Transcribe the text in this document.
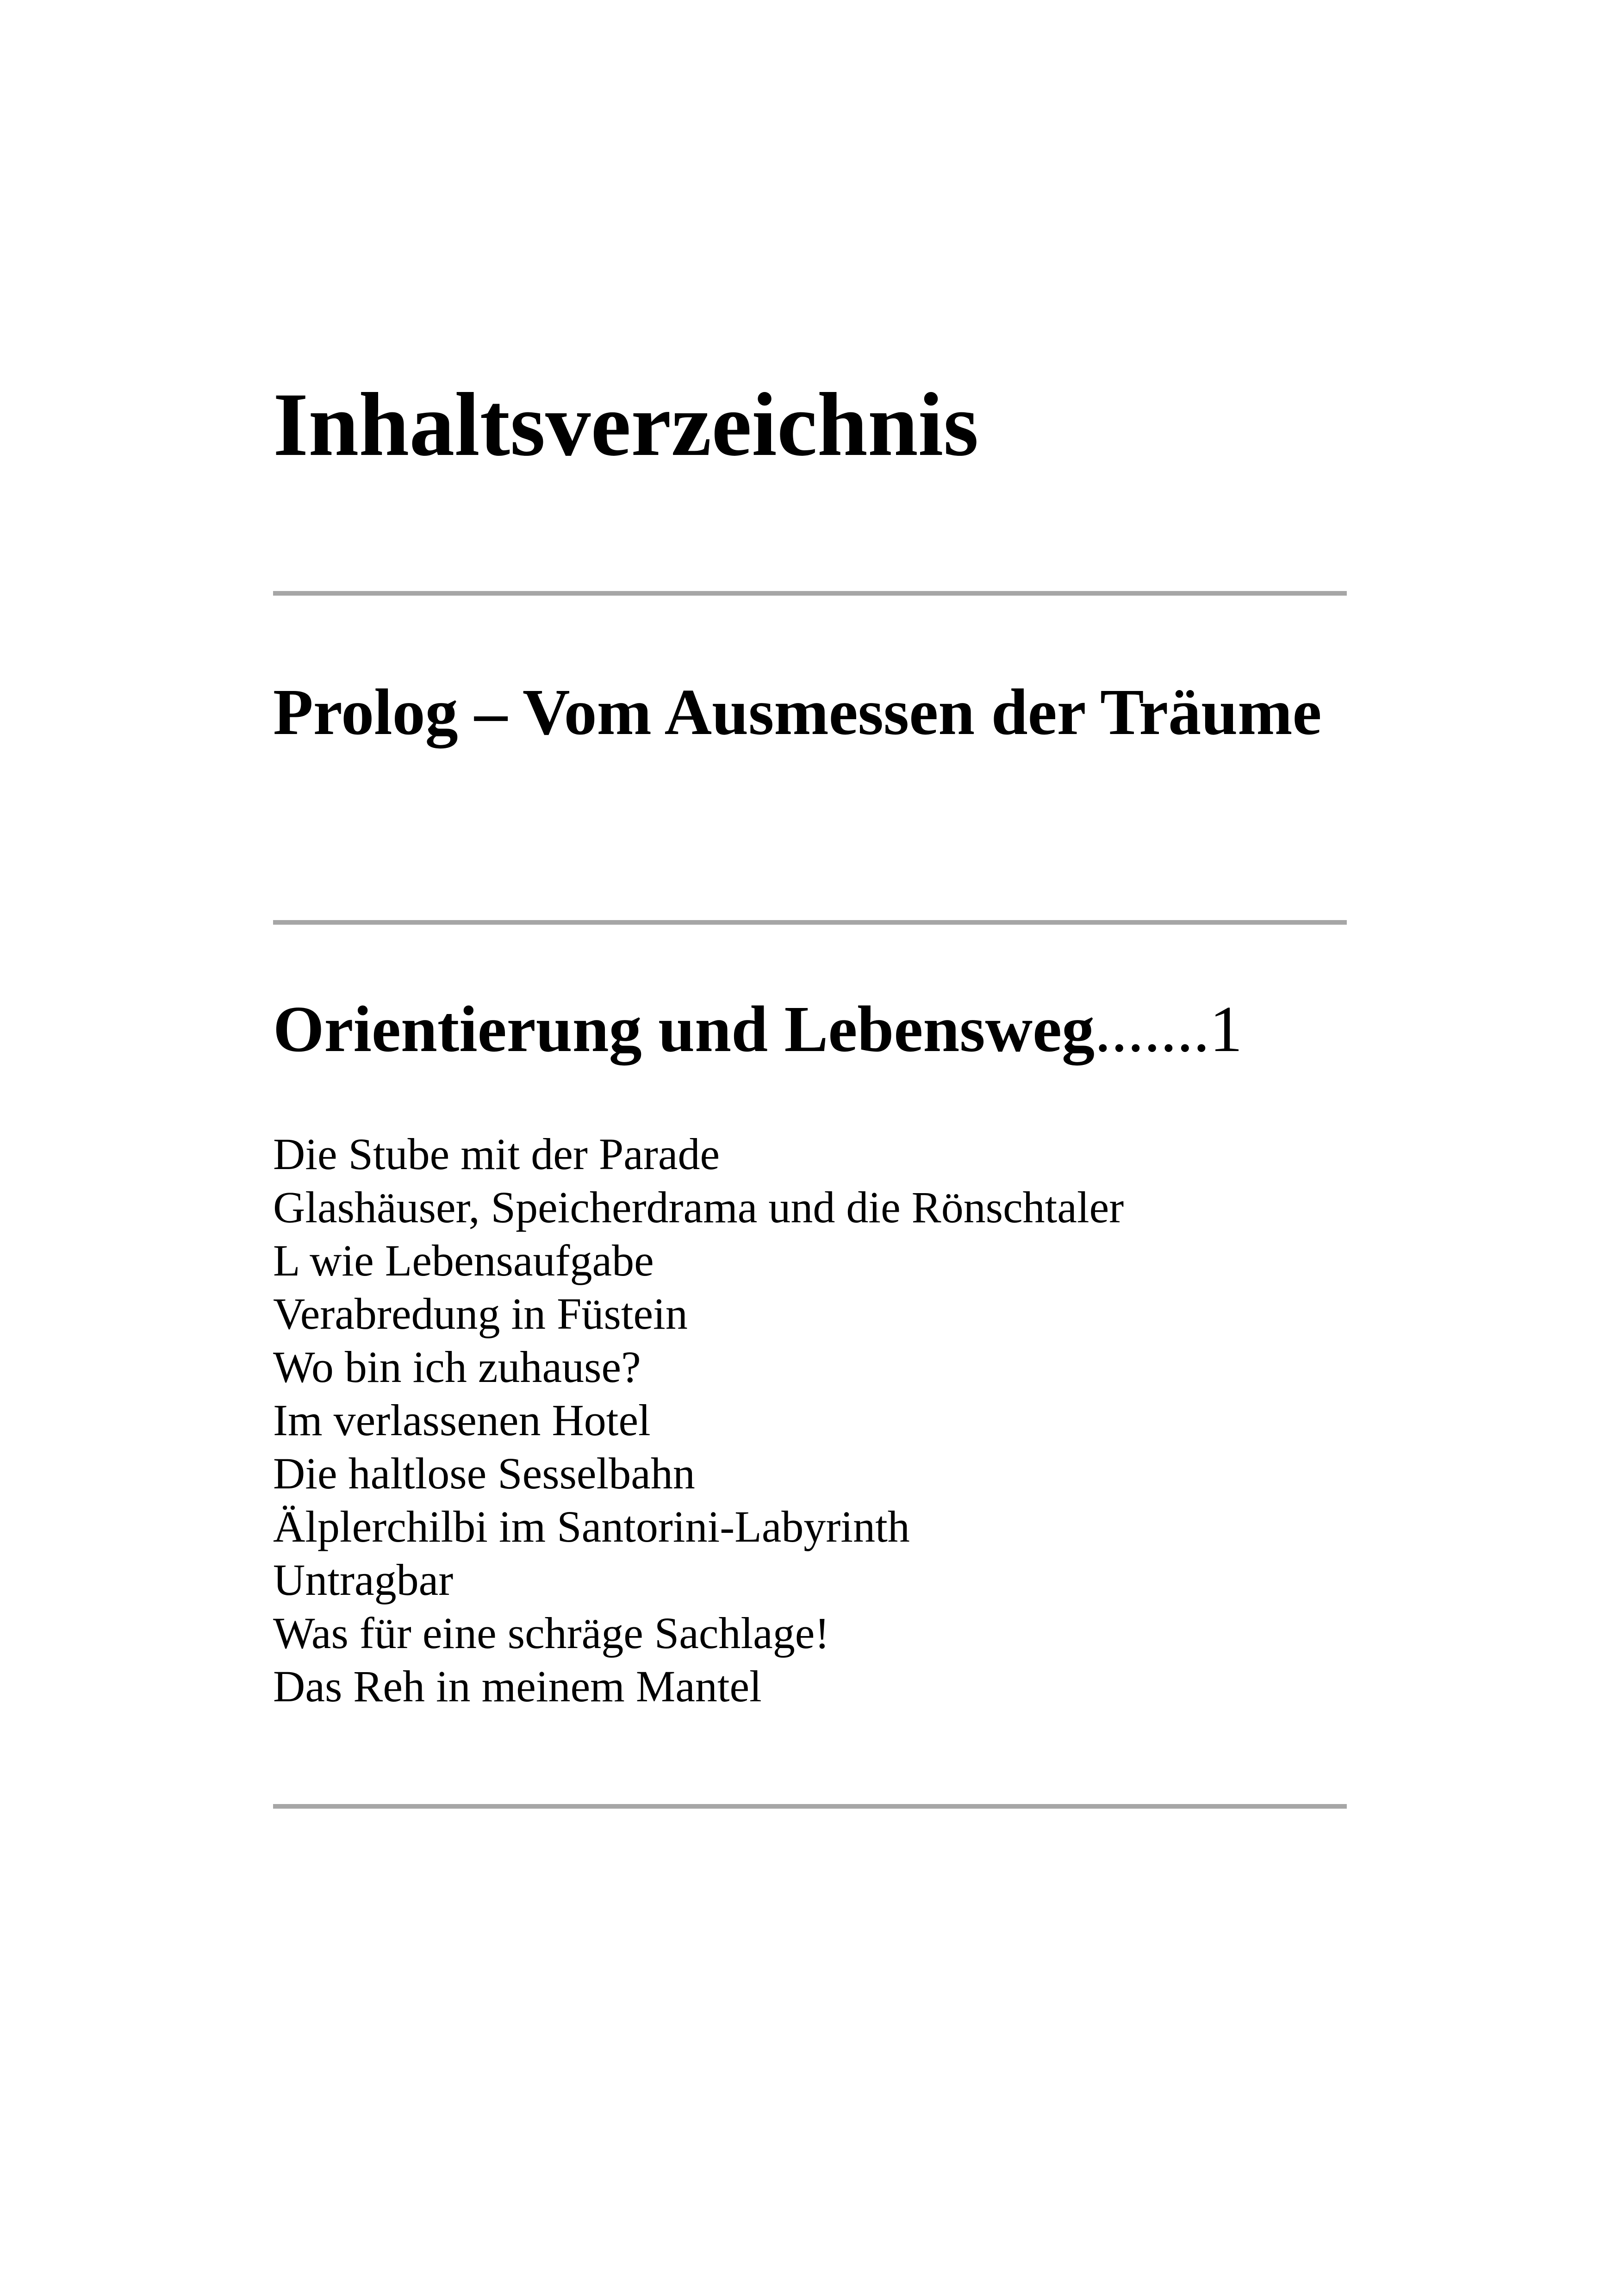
Inhaltsverzeichnis
Prolog – Vom Ausmessen der Träume
Orientierung und Lebensweg.......1
Die Stube mit der Parade
Glashäuser, Speicherdrama und die Rönschtaler
L wie Lebensaufgabe
Verabredung in Füstein
Wo bin ich zuhause?
Im verlassenen Hotel
Die haltlose Sesselbahn
Älplerchilbi im Santorini-Labyrinth
Untragbar
Was für eine schräge Sachlage!
Das Reh in meinem Mantel
